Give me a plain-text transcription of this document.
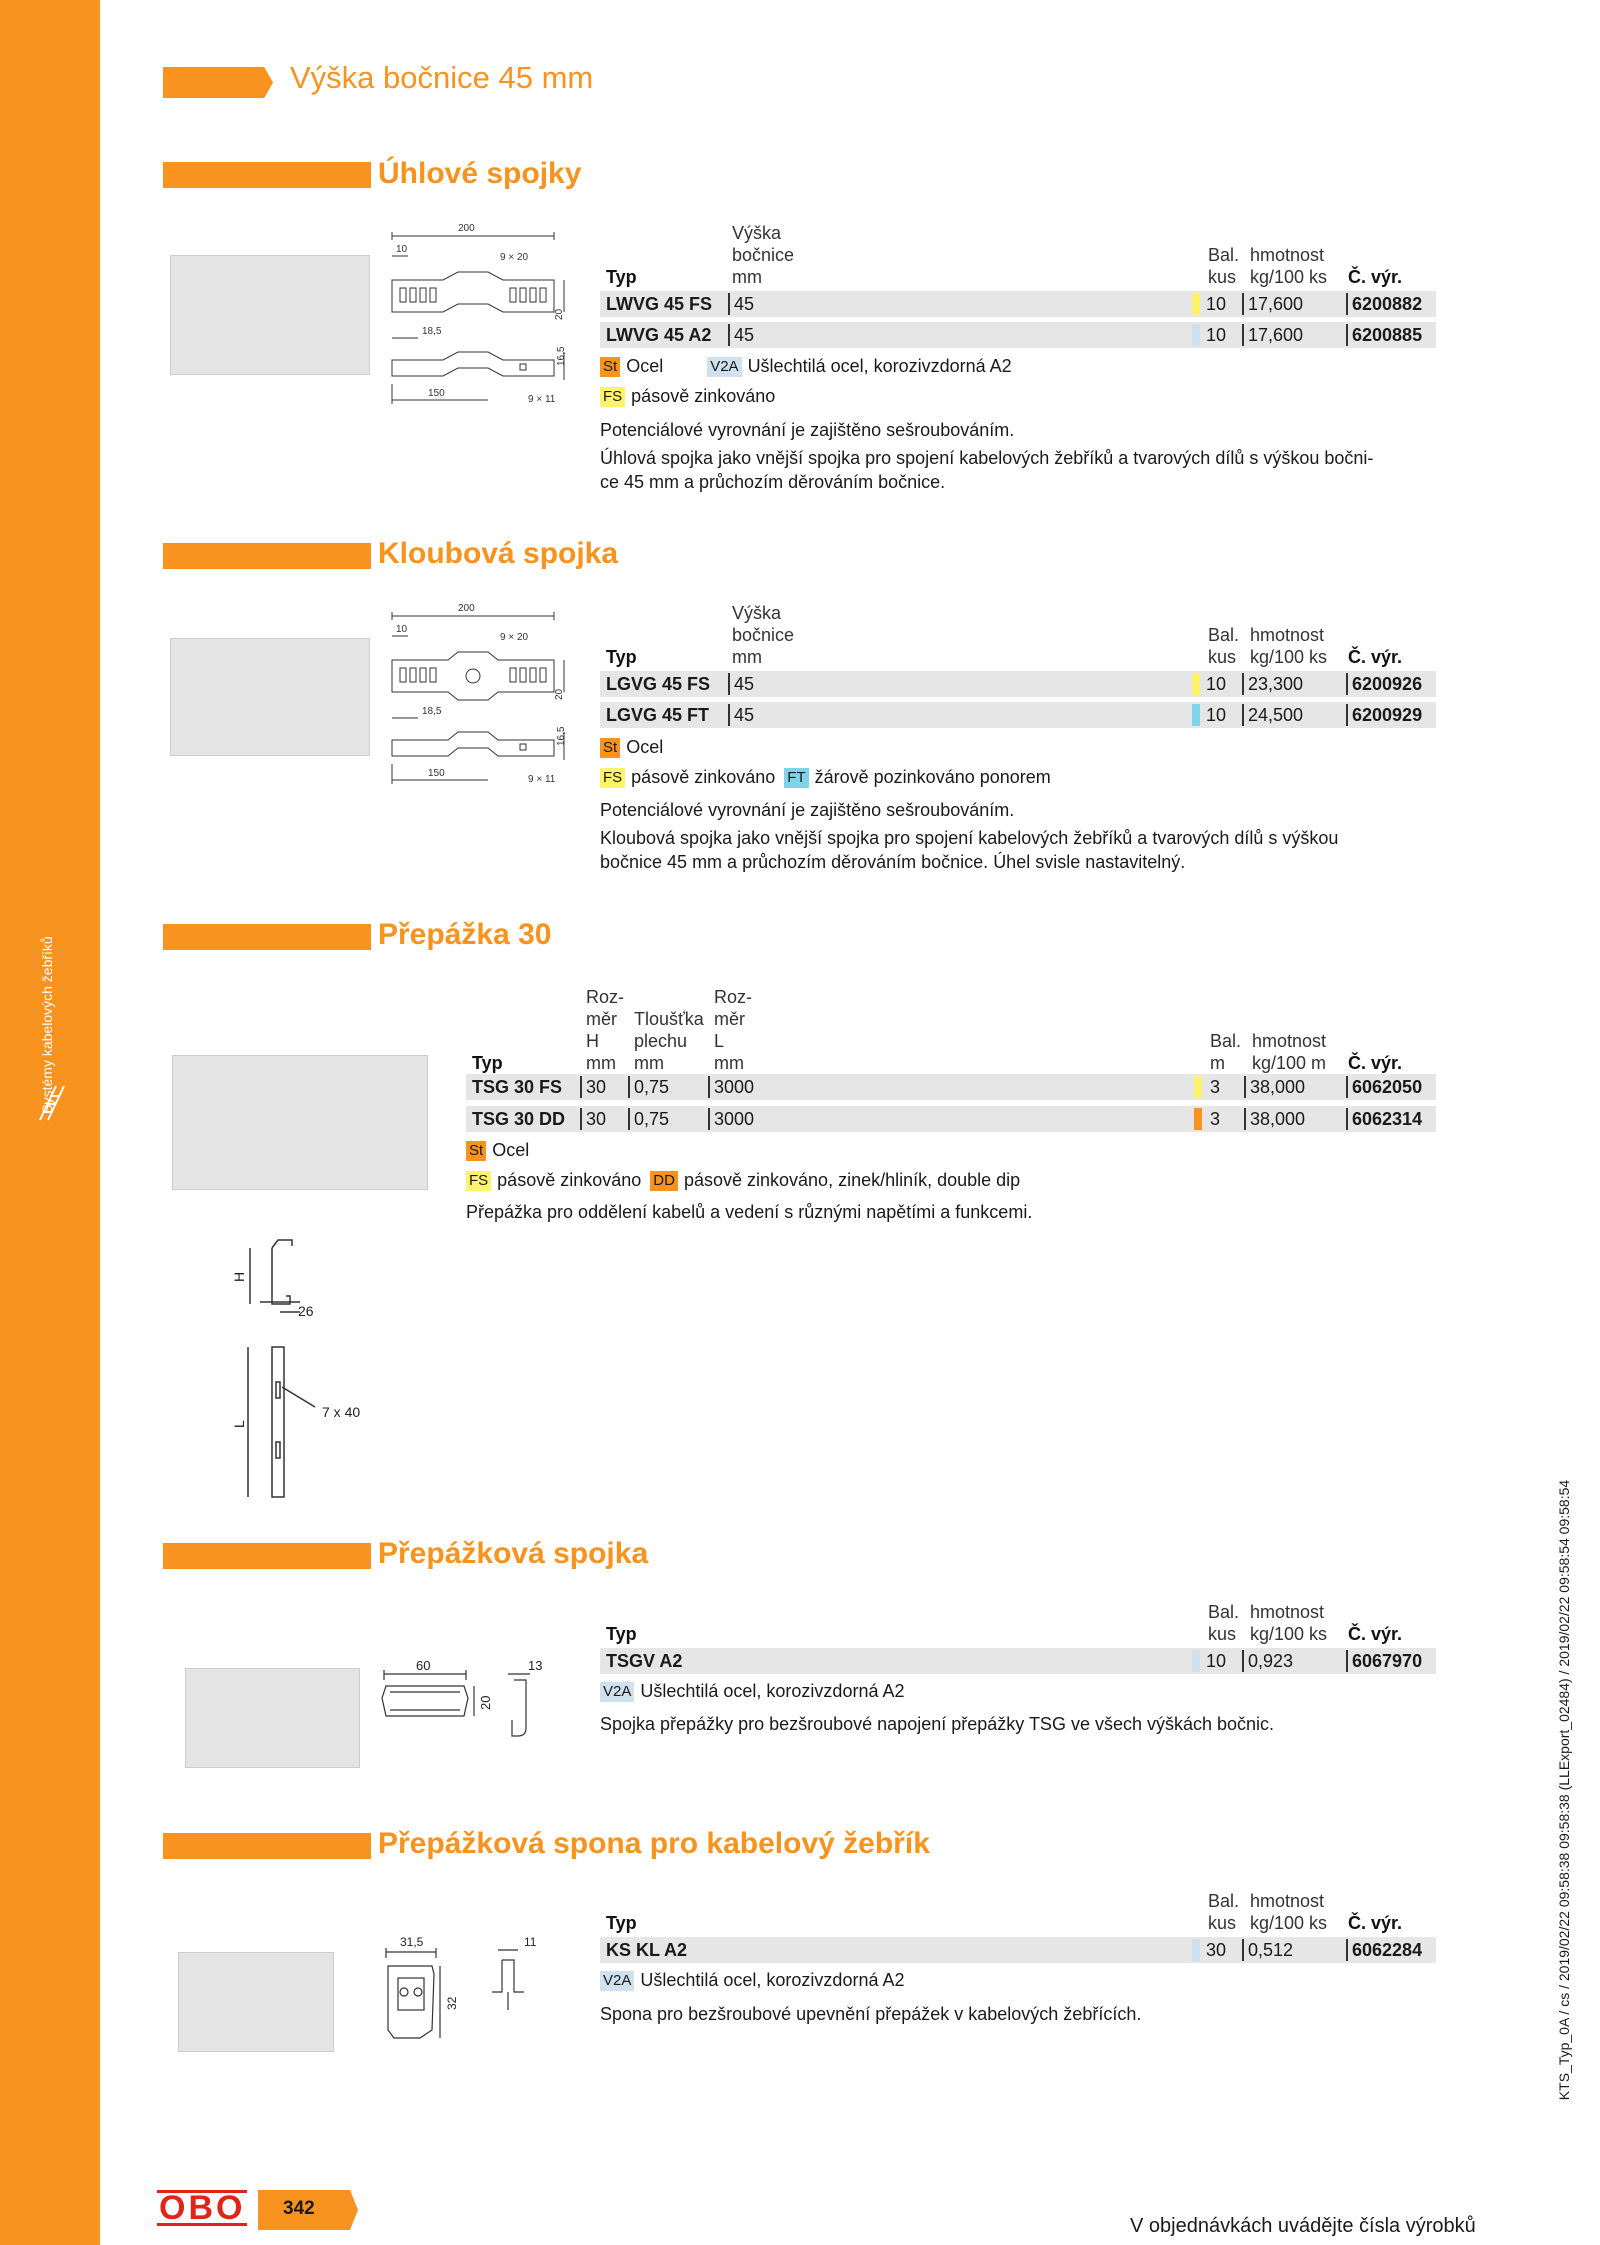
Systémy kabelových žebříků
Výška bočnice 45 mm
Úhlové spojky
200
10
9 × 20
20
18,5
16,5
150
9 × 11
Výška
bočnice
mm
Typ
Bal.
kus
hmotnost
kg/100 ks Č. výr.
LWVG 45 FS	45	10	17,600	6200882
LWVG 45 A2	45	10	17,600	6200885
St Ocel	V2A Ušlechtilá ocel, korozivzdorná A2
FS pásově zinkováno
Potenciálové vyrovnání je zajištěno sešroubováním.
Úhlová spojka jako vnější spojka pro spojení kabelových žebříků a tvarových dílů s výškou bočni-
ce 45 mm a průchozím děrováním bočnice.
Kloubová spojka
200
10
9 × 20
20
18,5
16,5
150
9 × 11
Výška
bočnice
mm
Typ
Bal.
kus
hmotnost
kg/100 ks Č. výr.
LGVG 45 FS	45	10	23,300	6200926
LGVG 45 FT	45	10	24,500	6200929
St Ocel
FS pásově zinkováno FT žárově pozinkováno ponorem
Potenciálové vyrovnání je zajištěno sešroubováním.
Kloubová spojka jako vnější spojka pro spojení kabelových žebříků a tvarových dílů s výškou
bočnice 45 mm a průchozím děrováním bočnice. Úhel svisle nastavitelný.
Přepážka 30
H
26
L
7 x 40
Roz-
měr
H
mm
Tloušťka
plechu
mm
Roz-
měr
L
mm
Typ
Bal.
m
hmotnost
kg/100 m Č. výr.
TSG 30 FS	30	0,75	3000	3	38,000	6062050
TSG 30 DD	30	0,75	3000	3	38,000	6062314
St Ocel
FS pásově zinkováno DD pásově zinkováno, zinek/hliník, double dip
Přepážka pro oddělení kabelů a vedení s různými napětími a funkcemi.
Přepážková spojka
60
20
13
Typ
Bal.
kus
hmotnost
kg/100 ks Č. výr.
TSGV A2	10	0,923	6067970
V2A Ušlechtilá ocel, korozivzdorná A2
Spojka přepážky pro bezšroubové napojení přepážky TSG ve všech výškách bočnic.
Přepážková spona pro kabelový žebřík
31,5
32
11
Typ
Bal.
kus
hmotnost
kg/100 ks Č. výr.
KS KL A2	30	0,512	6062284
V2A Ušlechtilá ocel, korozivzdorná A2
Spona pro bezšroubové upevnění přepážek v kabelových žebřících.
OBO 342
V objednávkách uvádějte čísla výrobků
KTS_Typ_0A / cs / 2019/02/22 09:58:38 09:58:38 (LLExport_02484) / 2019/02/22 09:58:54 09:58:54
